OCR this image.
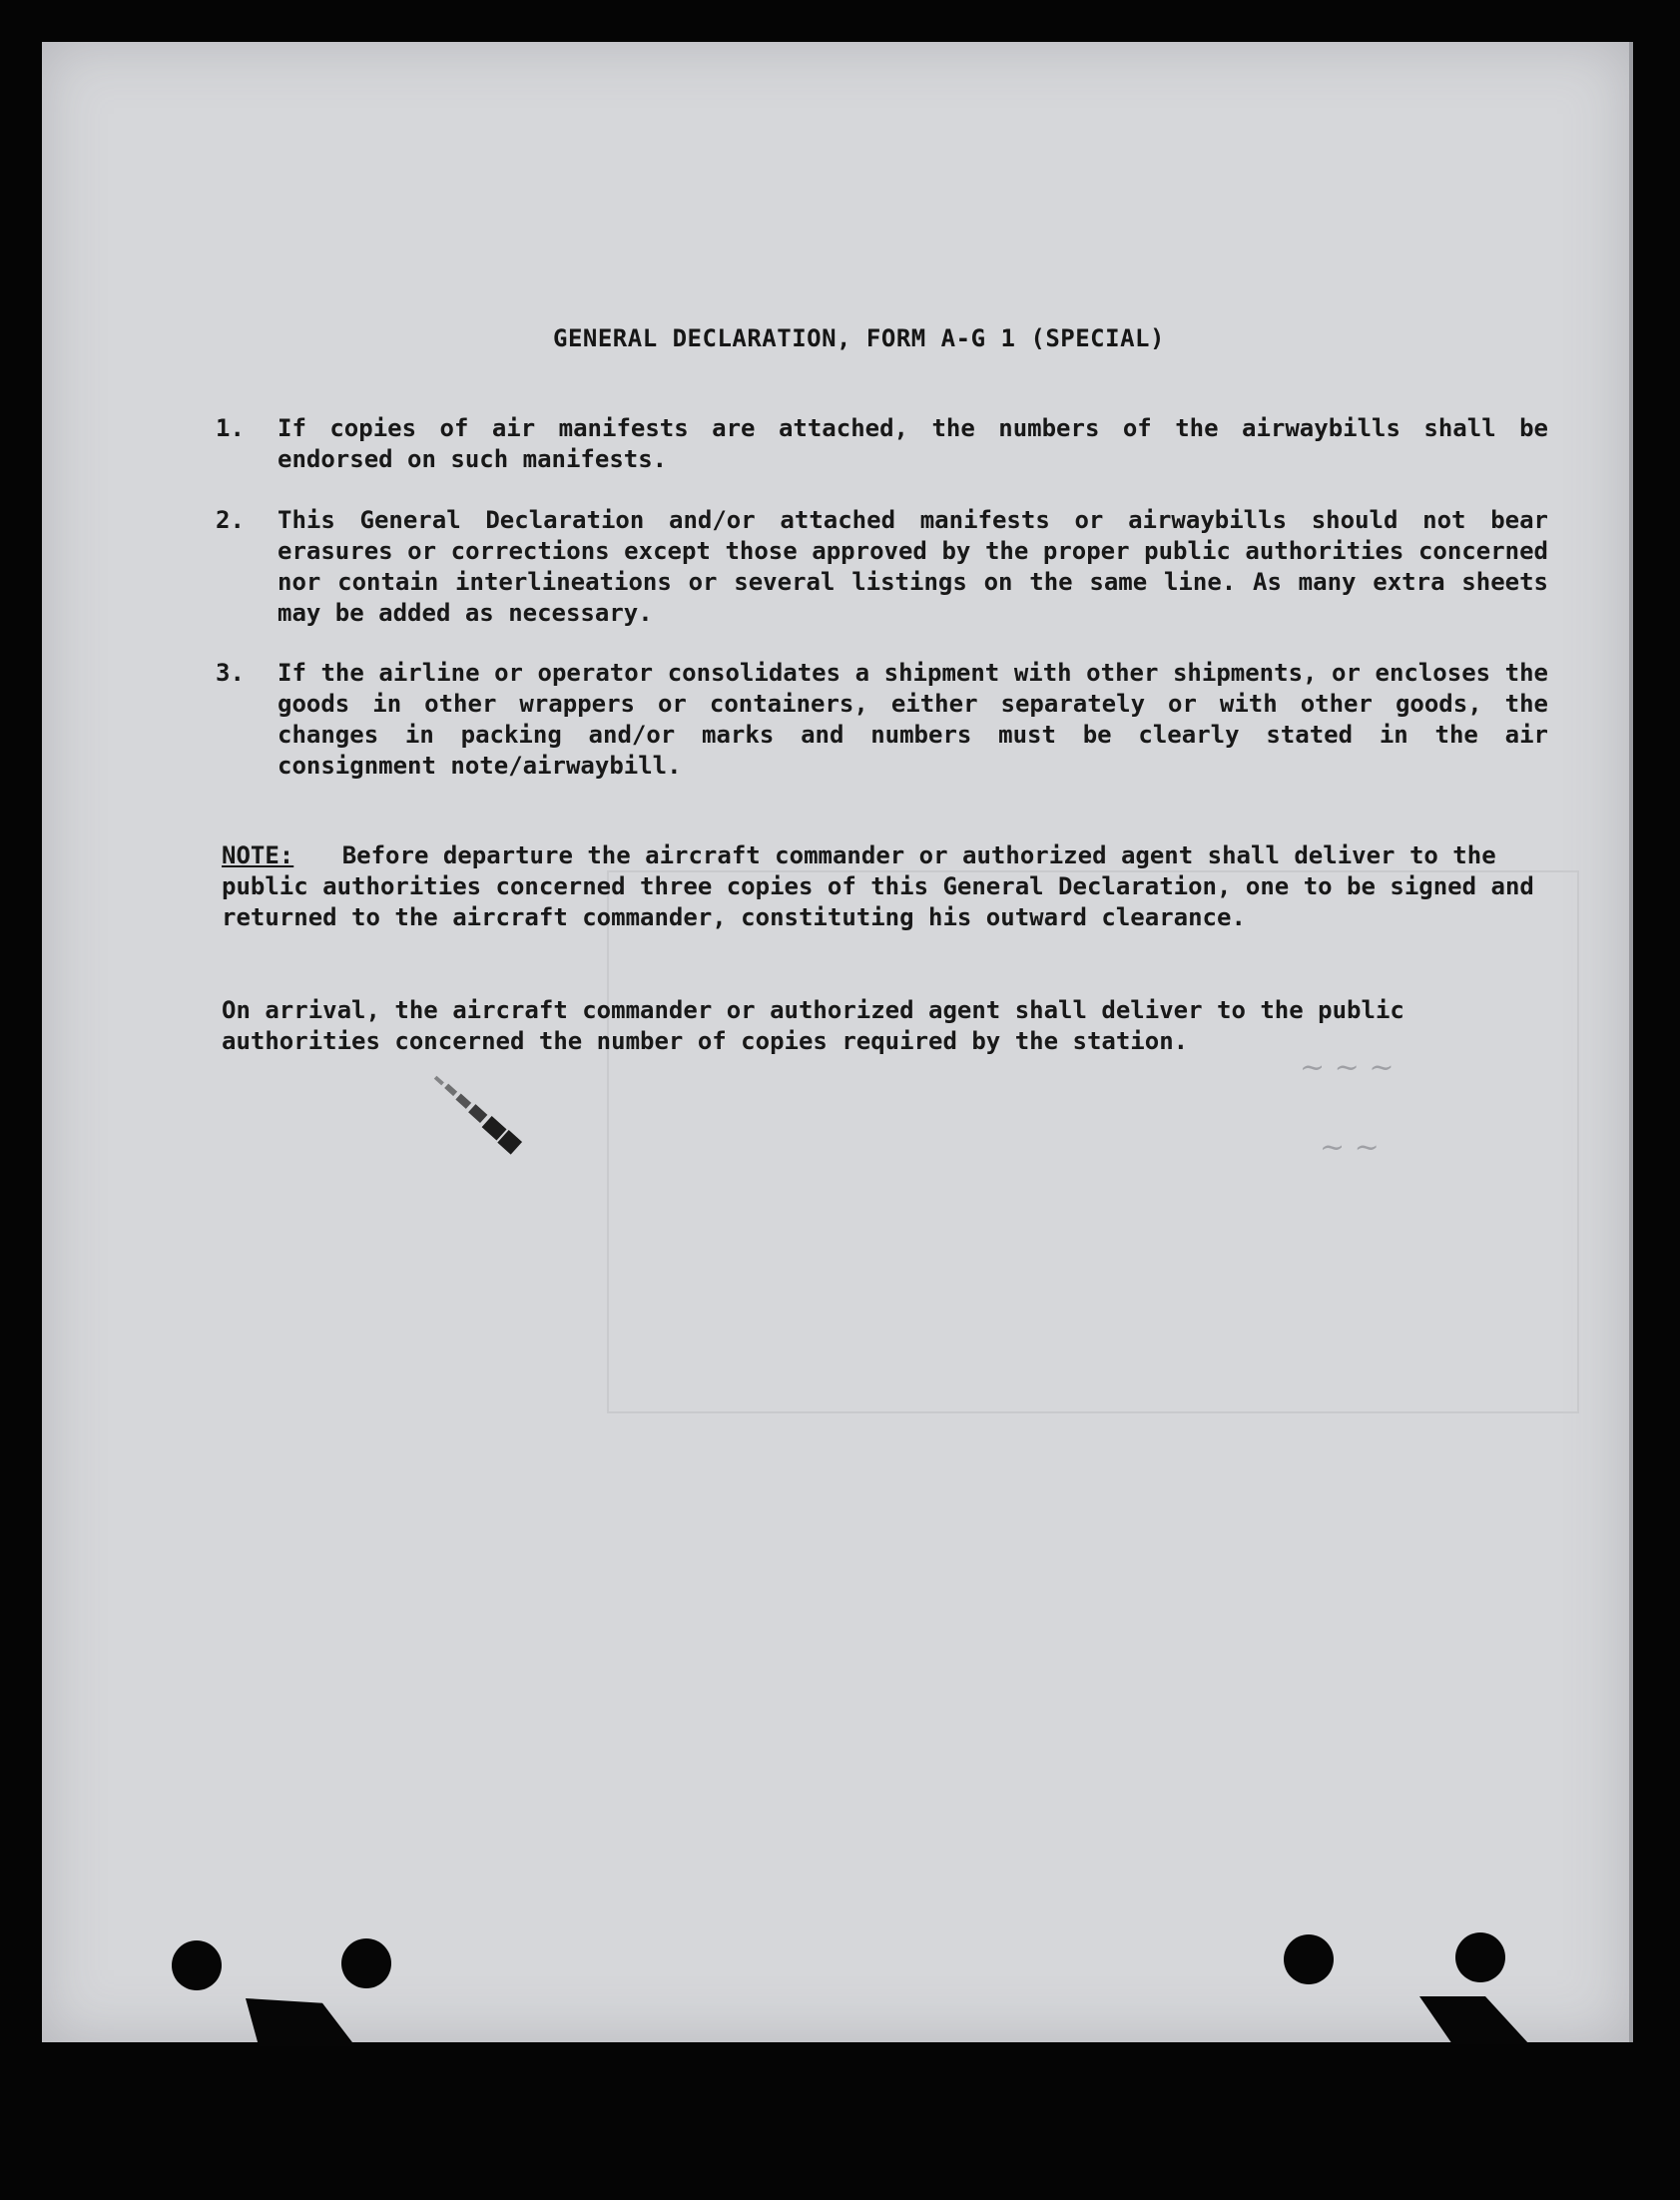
GENERAL DECLARATION, FORM A-G 1 (SPECIAL)
1. If copies of air manifests are attached, the numbers of the airwaybills shall be endorsed on such manifests.
2. This General Declaration and/or attached manifests or airwaybills should not bear erasures or corrections except those approved by the proper public authorities concerned nor contain interlineations or several listings on the same line. As many extra sheets may be added as necessary.
3. If the airline or operator consolidates a shipment with other shipments, or encloses the goods in other wrappers or containers, either separately or with other goods, the changes in packing and/or marks and numbers must be clearly stated in the air consignment note/airwaybill.
NOTE: Before departure the aircraft commander or authorized agent shall deliver to the public authorities concerned three copies of this General Declaration, one to be signed and returned to the aircraft commander, constituting his outward clearance.
On arrival, the aircraft commander or authorized agent shall deliver to the public authorities concerned the number of copies required by the station.
~ ~ ~
~ ~
